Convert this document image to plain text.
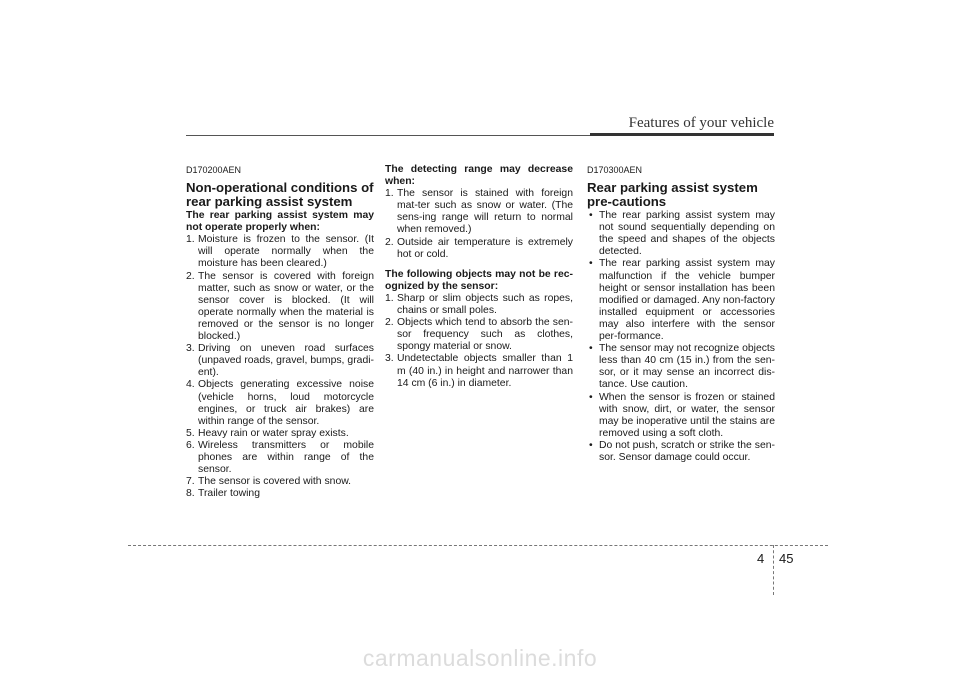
Features of your vehicle

D170200AEN

Non-operational conditions of rear parking assist system

The rear parking assist system may not operate properly when:

1. Moisture is frozen to the sensor. (It will operate normally when the moisture has been cleared.)
2. The sensor is covered with foreign matter, such as snow or water, or the sensor cover is blocked. (It will operate normally when the material is removed or the sensor is no longer blocked.)
3. Driving on uneven road surfaces (unpaved roads, gravel, bumps, gradi-ent).
4. Objects generating excessive noise (vehicle horns, loud motorcycle engines, or truck air brakes) are within range of the sensor.
5. Heavy rain or water spray exists.
6. Wireless transmitters or mobile phones are within range of the sensor.
7. The sensor is covered with snow.
8. Trailer towing

The detecting range may decrease when:

1. The sensor is stained with foreign mat-ter such as snow or water. (The sens-ing range will return to normal when removed.)
2. Outside air temperature is extremely hot or cold.

The following objects may not be rec-ognized by the sensor:

1. Sharp or slim objects such as ropes, chains or small poles.
2. Objects which tend to absorb the sen-sor frequency such as clothes, spongy material or snow.
3. Undetectable objects smaller than 1 m (40 in.) in height and narrower than 14 cm (6 in.) in diameter.

D170300AEN

Rear parking assist system pre-cautions

• The rear parking assist system may not sound sequentially depending on the speed and shapes of the objects detected.
• The rear parking assist system may malfunction if the vehicle bumper height or sensor installation has been modified or damaged. Any non-factory installed equipment or accessories may also interfere with the sensor per-formance.
• The sensor may not recognize objects less than 40 cm (15 in.) from the sen-sor, or it may sense an incorrect dis-tance. Use caution.
• When the sensor is frozen or stained with snow, dirt, or water, the sensor may be inoperative until the stains are removed using a soft cloth.
• Do not push, scratch or strike the sen-sor. Sensor damage could occur.
4 45
carmanualsonline.info
